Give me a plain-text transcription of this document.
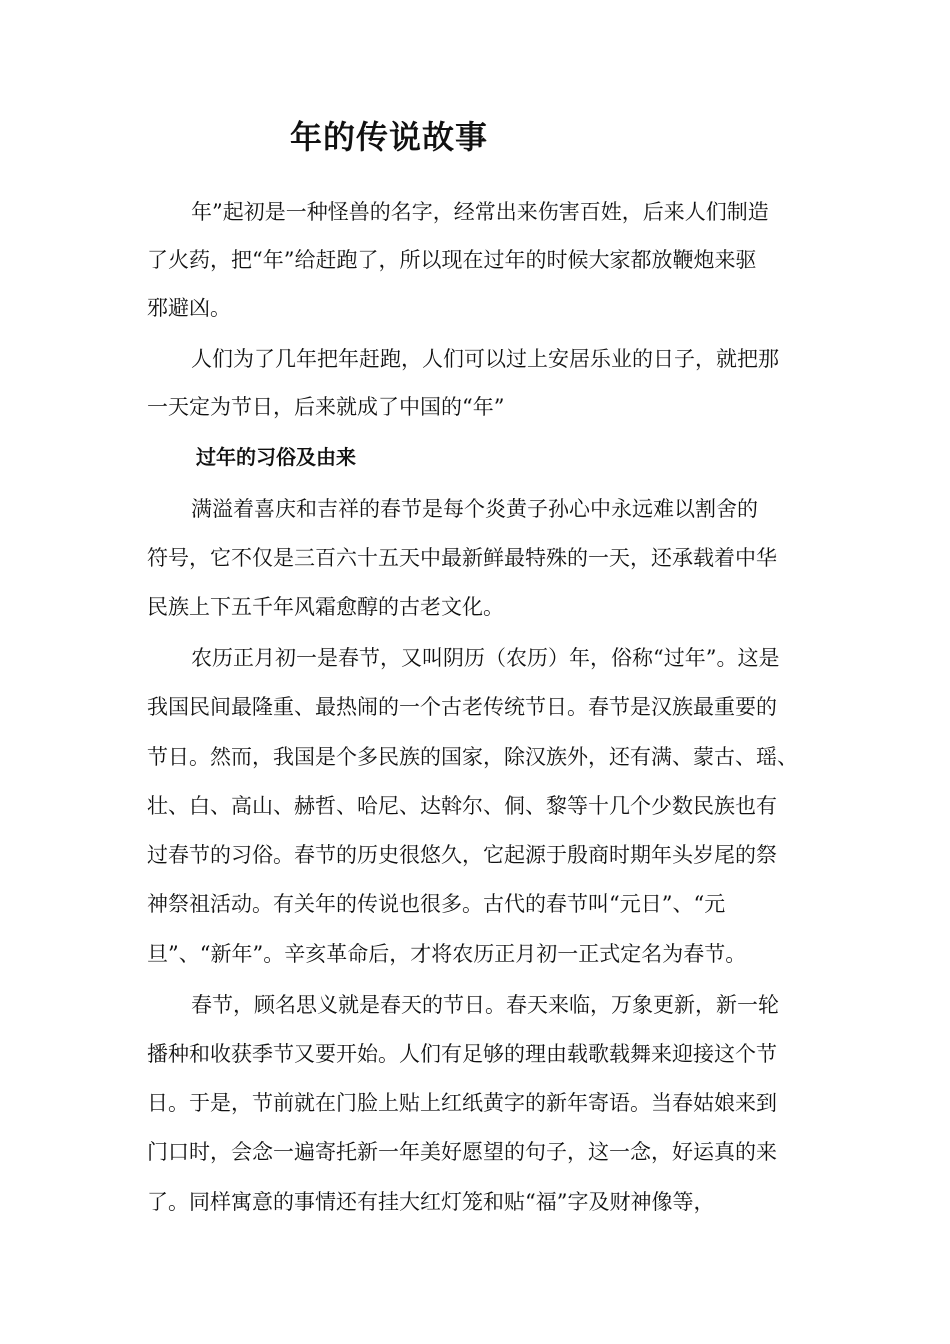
年的传说故事

年”起初是一种怪兽的名字，经常出来伤害百姓，后来人们制造

了火药，把“年”给赶跑了，所以现在过年的时候大家都放鞭炮来驱

邪避凶。

人们为了几年把年赶跑，人们可以过上安居乐业的日子，就把那

一天定为节日，后来就成了中国的“年”

过年的习俗及由来

满溢着喜庆和吉祥的春节是每个炎黄子孙心中永远难以割舍的

符号，它不仅是三百六十五天中最新鲜最特殊的一天，还承载着中华

民族上下五千年风霜愈醇的古老文化。

农历正月初一是春节，又叫阴历（农历）年，俗称“过年”。这是

我国民间最隆重、最热闹的一个古老传统节日。春节是汉族最重要的

节日。然而，我国是个多民族的国家，除汉族外，还有满、蒙古、瑶、

壮、白、高山、赫哲、哈尼、达斡尔、侗、黎等十几个少数民族也有

过春节的习俗。春节的历史很悠久，它起源于殷商时期年头岁尾的祭

神祭祖活动。有关年的传说也很多。古代的春节叫“元日”、“元

旦”、“新年”。辛亥革命后，才将农历正月初一正式定名为春节。

春节，顾名思义就是春天的节日。春天来临，万象更新，新一轮

播种和收获季节又要开始。人们有足够的理由载歌载舞来迎接这个节

日。于是，节前就在门脸上贴上红纸黄字的新年寄语。当春姑娘来到

门口时，会念一遍寄托新一年美好愿望的句子，这一念，好运真的来

了。同样寓意的事情还有挂大红灯笼和贴“福”字及财神像等，
